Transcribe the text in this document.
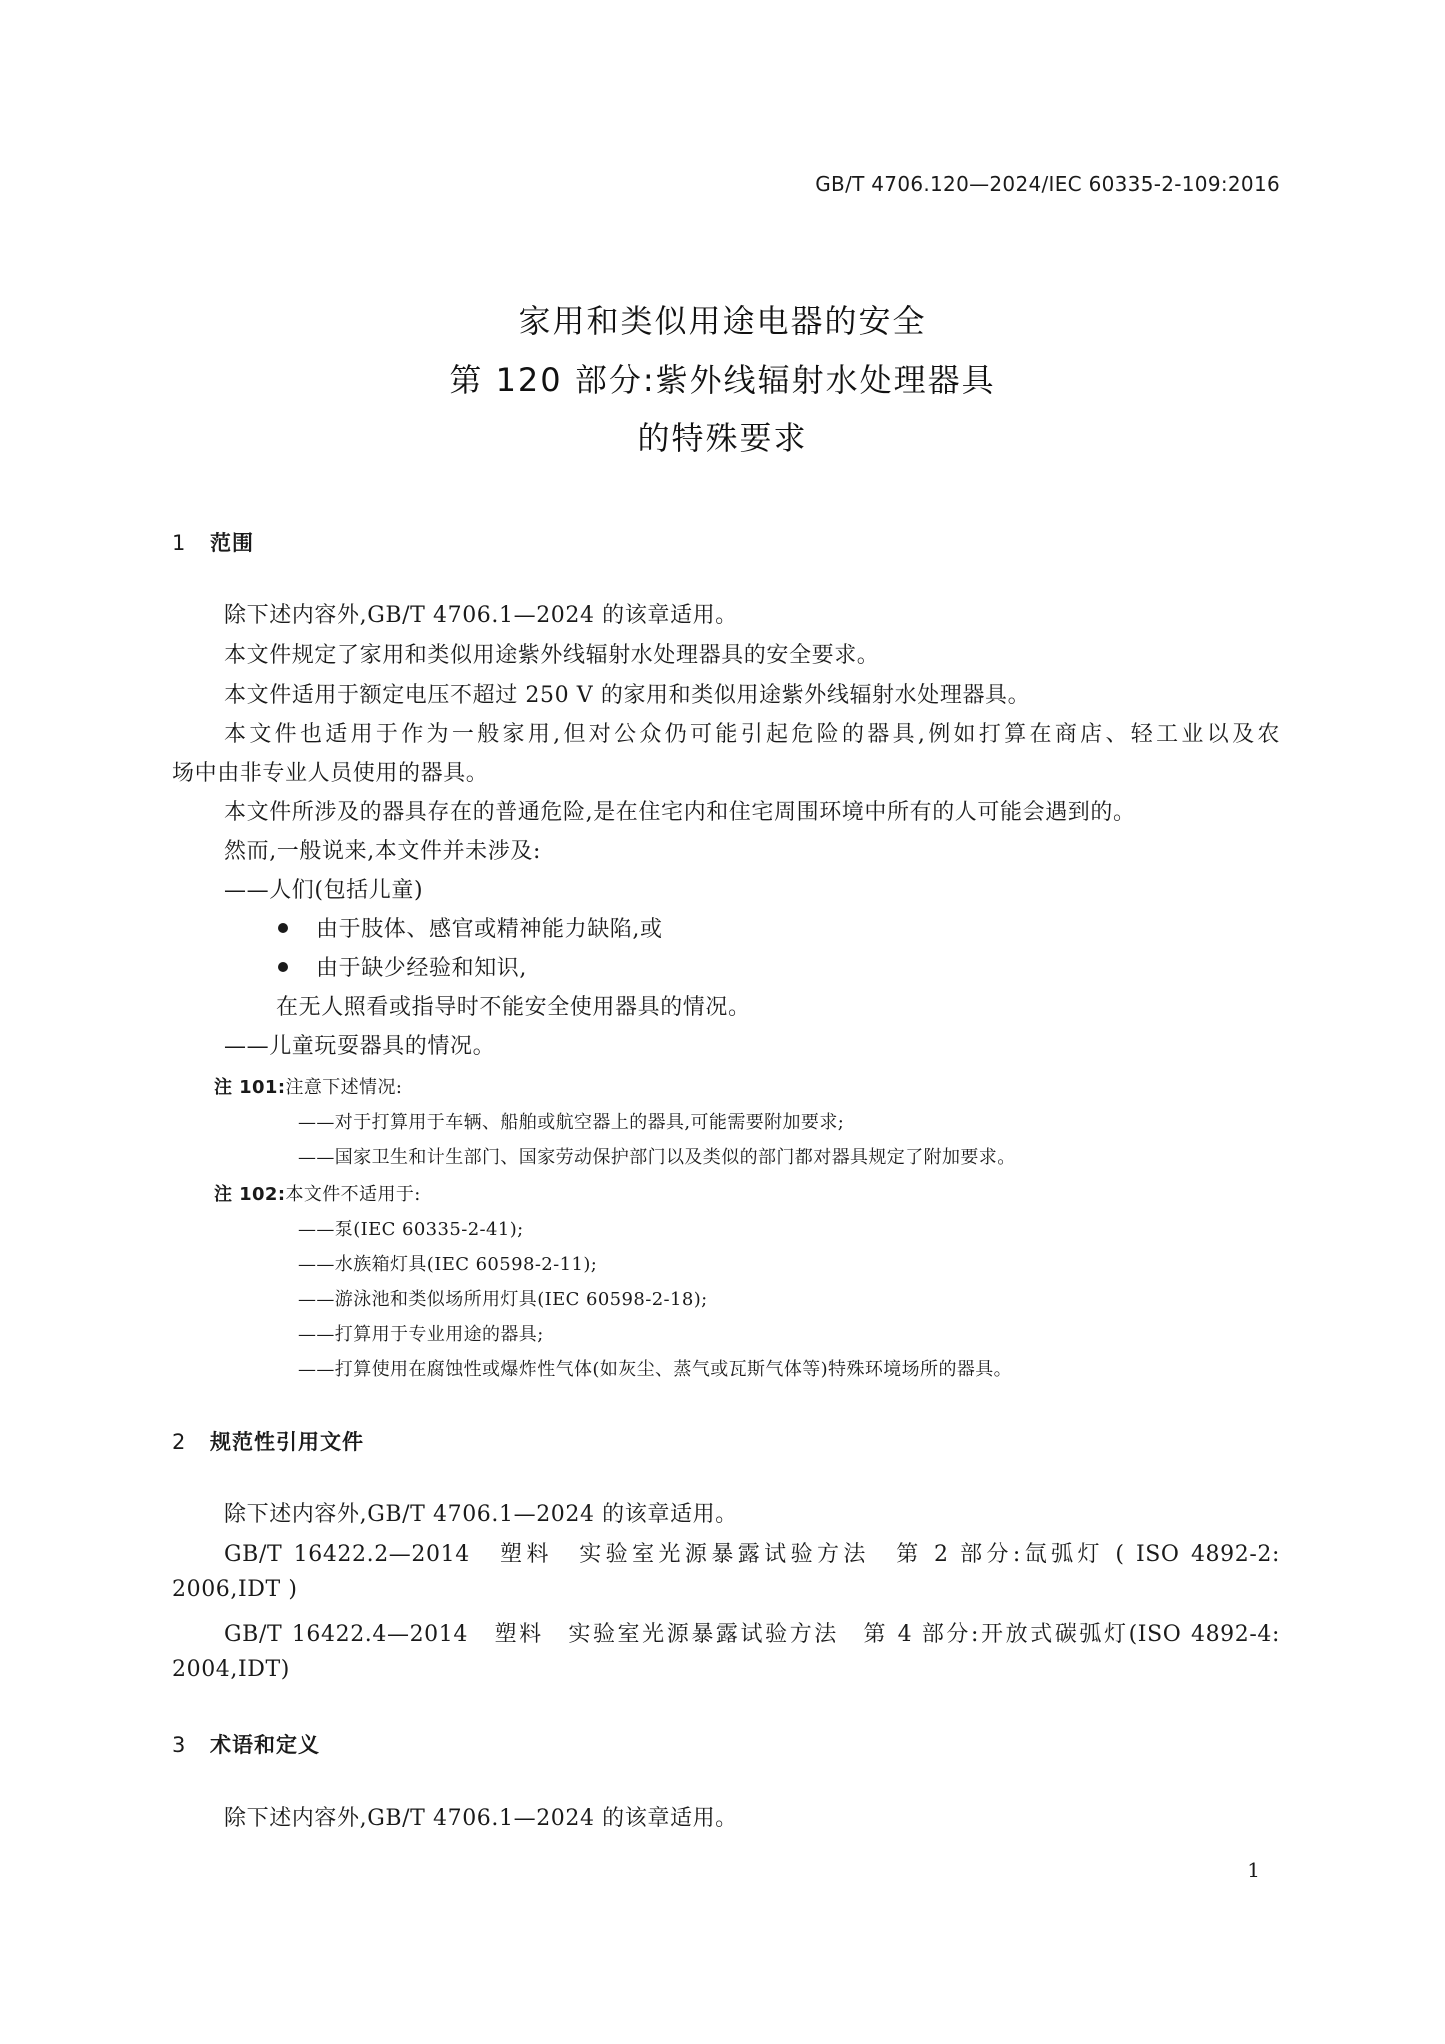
GB/T 4706.120—2024/IEC 60335-2-109:2016
家用和类似用途电器的安全
第 120 部分:紫外线辐射水处理器具
的特殊要求
1 范围
除下述内容外,GB/T 4706.1—2024 的该章适用。
本文件规定了家用和类似用途紫外线辐射水处理器具的安全要求。
本文件适用于额定电压不超过 250 V 的家用和类似用途紫外线辐射水处理器具。
本文件也适用于作为一般家用,但对公众仍可能引起危险的器具,例如打算在商店、轻工业以及农
场中由非专业人员使用的器具。
本文件所涉及的器具存在的普通危险,是在住宅内和住宅周围环境中所有的人可能会遇到的。
然而,一般说来,本文件并未涉及:
——人们(包括儿童)
由于肢体、感官或精神能力缺陷,或
由于缺少经验和知识,
在无人照看或指导时不能安全使用器具的情况。
——儿童玩耍器具的情况。
注 101:注意下述情况:
——对于打算用于车辆、船舶或航空器上的器具,可能需要附加要求;
——国家卫生和计生部门、国家劳动保护部门以及类似的部门都对器具规定了附加要求。
注 102:本文件不适用于:
——泵(IEC 60335-2-41);
——水族箱灯具(IEC 60598-2-11);
——游泳池和类似场所用灯具(IEC 60598-2-18);
——打算用于专业用途的器具;
——打算使用在腐蚀性或爆炸性气体(如灰尘、蒸气或瓦斯气体等)特殊环境场所的器具。
2 规范性引用文件
除下述内容外,GB/T 4706.1—2024 的该章适用。
GB/T 16422.2—2014　塑料　实验室光源暴露试验方法　第 2 部分:氙弧灯 ( ISO 4892-2:
2006,IDT )
GB/T 16422.4—2014　塑料　实验室光源暴露试验方法　第 4 部分:开放式碳弧灯(ISO 4892-4:
2004,IDT)
3 术语和定义
除下述内容外,GB/T 4706.1—2024 的该章适用。
1
